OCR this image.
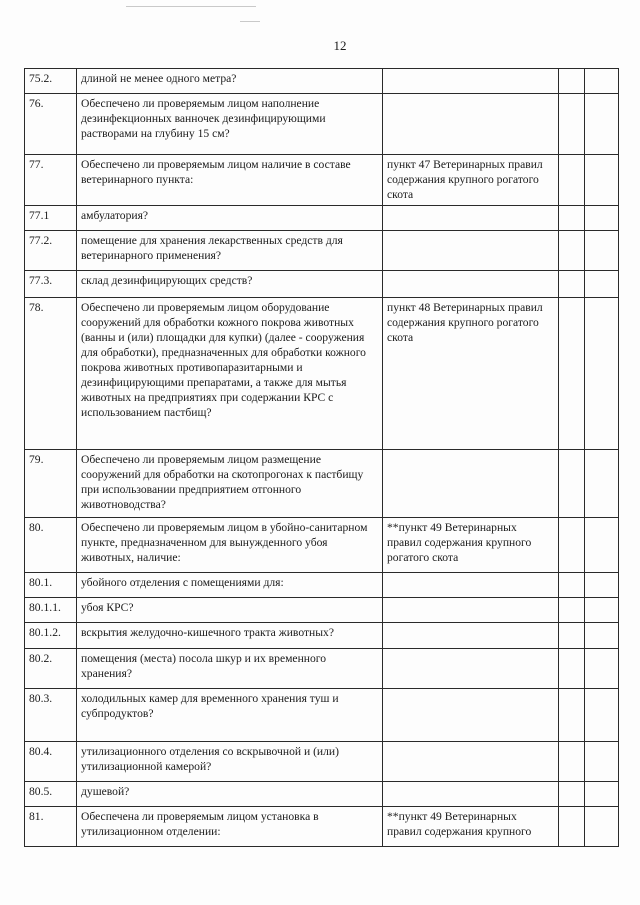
12
75.2.	длиной не менее одного метра?			
76.	Обеспечено ли проверяемым лицом наполнение дезинфекционных ванночек дезинфицирующими растворами на глубину 15 см?			
77.	Обеспечено ли проверяемым лицом наличие в составе ветеринарного пункта:	пункт 47 Ветеринарных правил содержания крупного рогатого скота		
77.1	амбулатория?			
77.2.	помещение для хранения лекарственных средств для ветеринарного применения?			
77.3.	склад дезинфицирующих средств?			
78.	Обеспечено ли проверяемым лицом оборудование сооружений для обработки кожного покрова животных (ванны и (или) площадки для купки) (далее - сооружения для обработки), предназначенных для обработки кожного покрова животных противопаразитарными и дезинфицирующими препаратами, а также для мытья животных на предприятиях при содержании КРС с использованием пастбищ?	пункт 48 Ветеринарных правил содержания крупного рогатого скота		
79.	Обеспечено ли проверяемым лицом размещение сооружений для обработки на скотопрогонах к пастбищу при использовании предприятием отгонного животноводства?			
80.	Обеспечено ли проверяемым лицом в убойно-санитарном пункте, предназначенном для вынужденного убоя животных, наличие:	**пункт 49 Ветеринарных правил содержания крупного рогатого скота		
80.1.	убойного отделения с помещениями для:			
80.1.1.	убоя КРС?			
80.1.2.	вскрытия желудочно-кишечного тракта животных?			
80.2.	помещения (места) посола шкур и их временного хранения?			
80.3.	холодильных камер для временного хранения туш и субпродуктов?			
80.4.	утилизационного отделения со вскрывочной и (или) утилизационной камерой?			
80.5.	душевой?			
81.	Обеспечена ли проверяемым лицом установка в утилизационном отделении:	**пункт 49 Ветеринарных правил содержания крупного		
